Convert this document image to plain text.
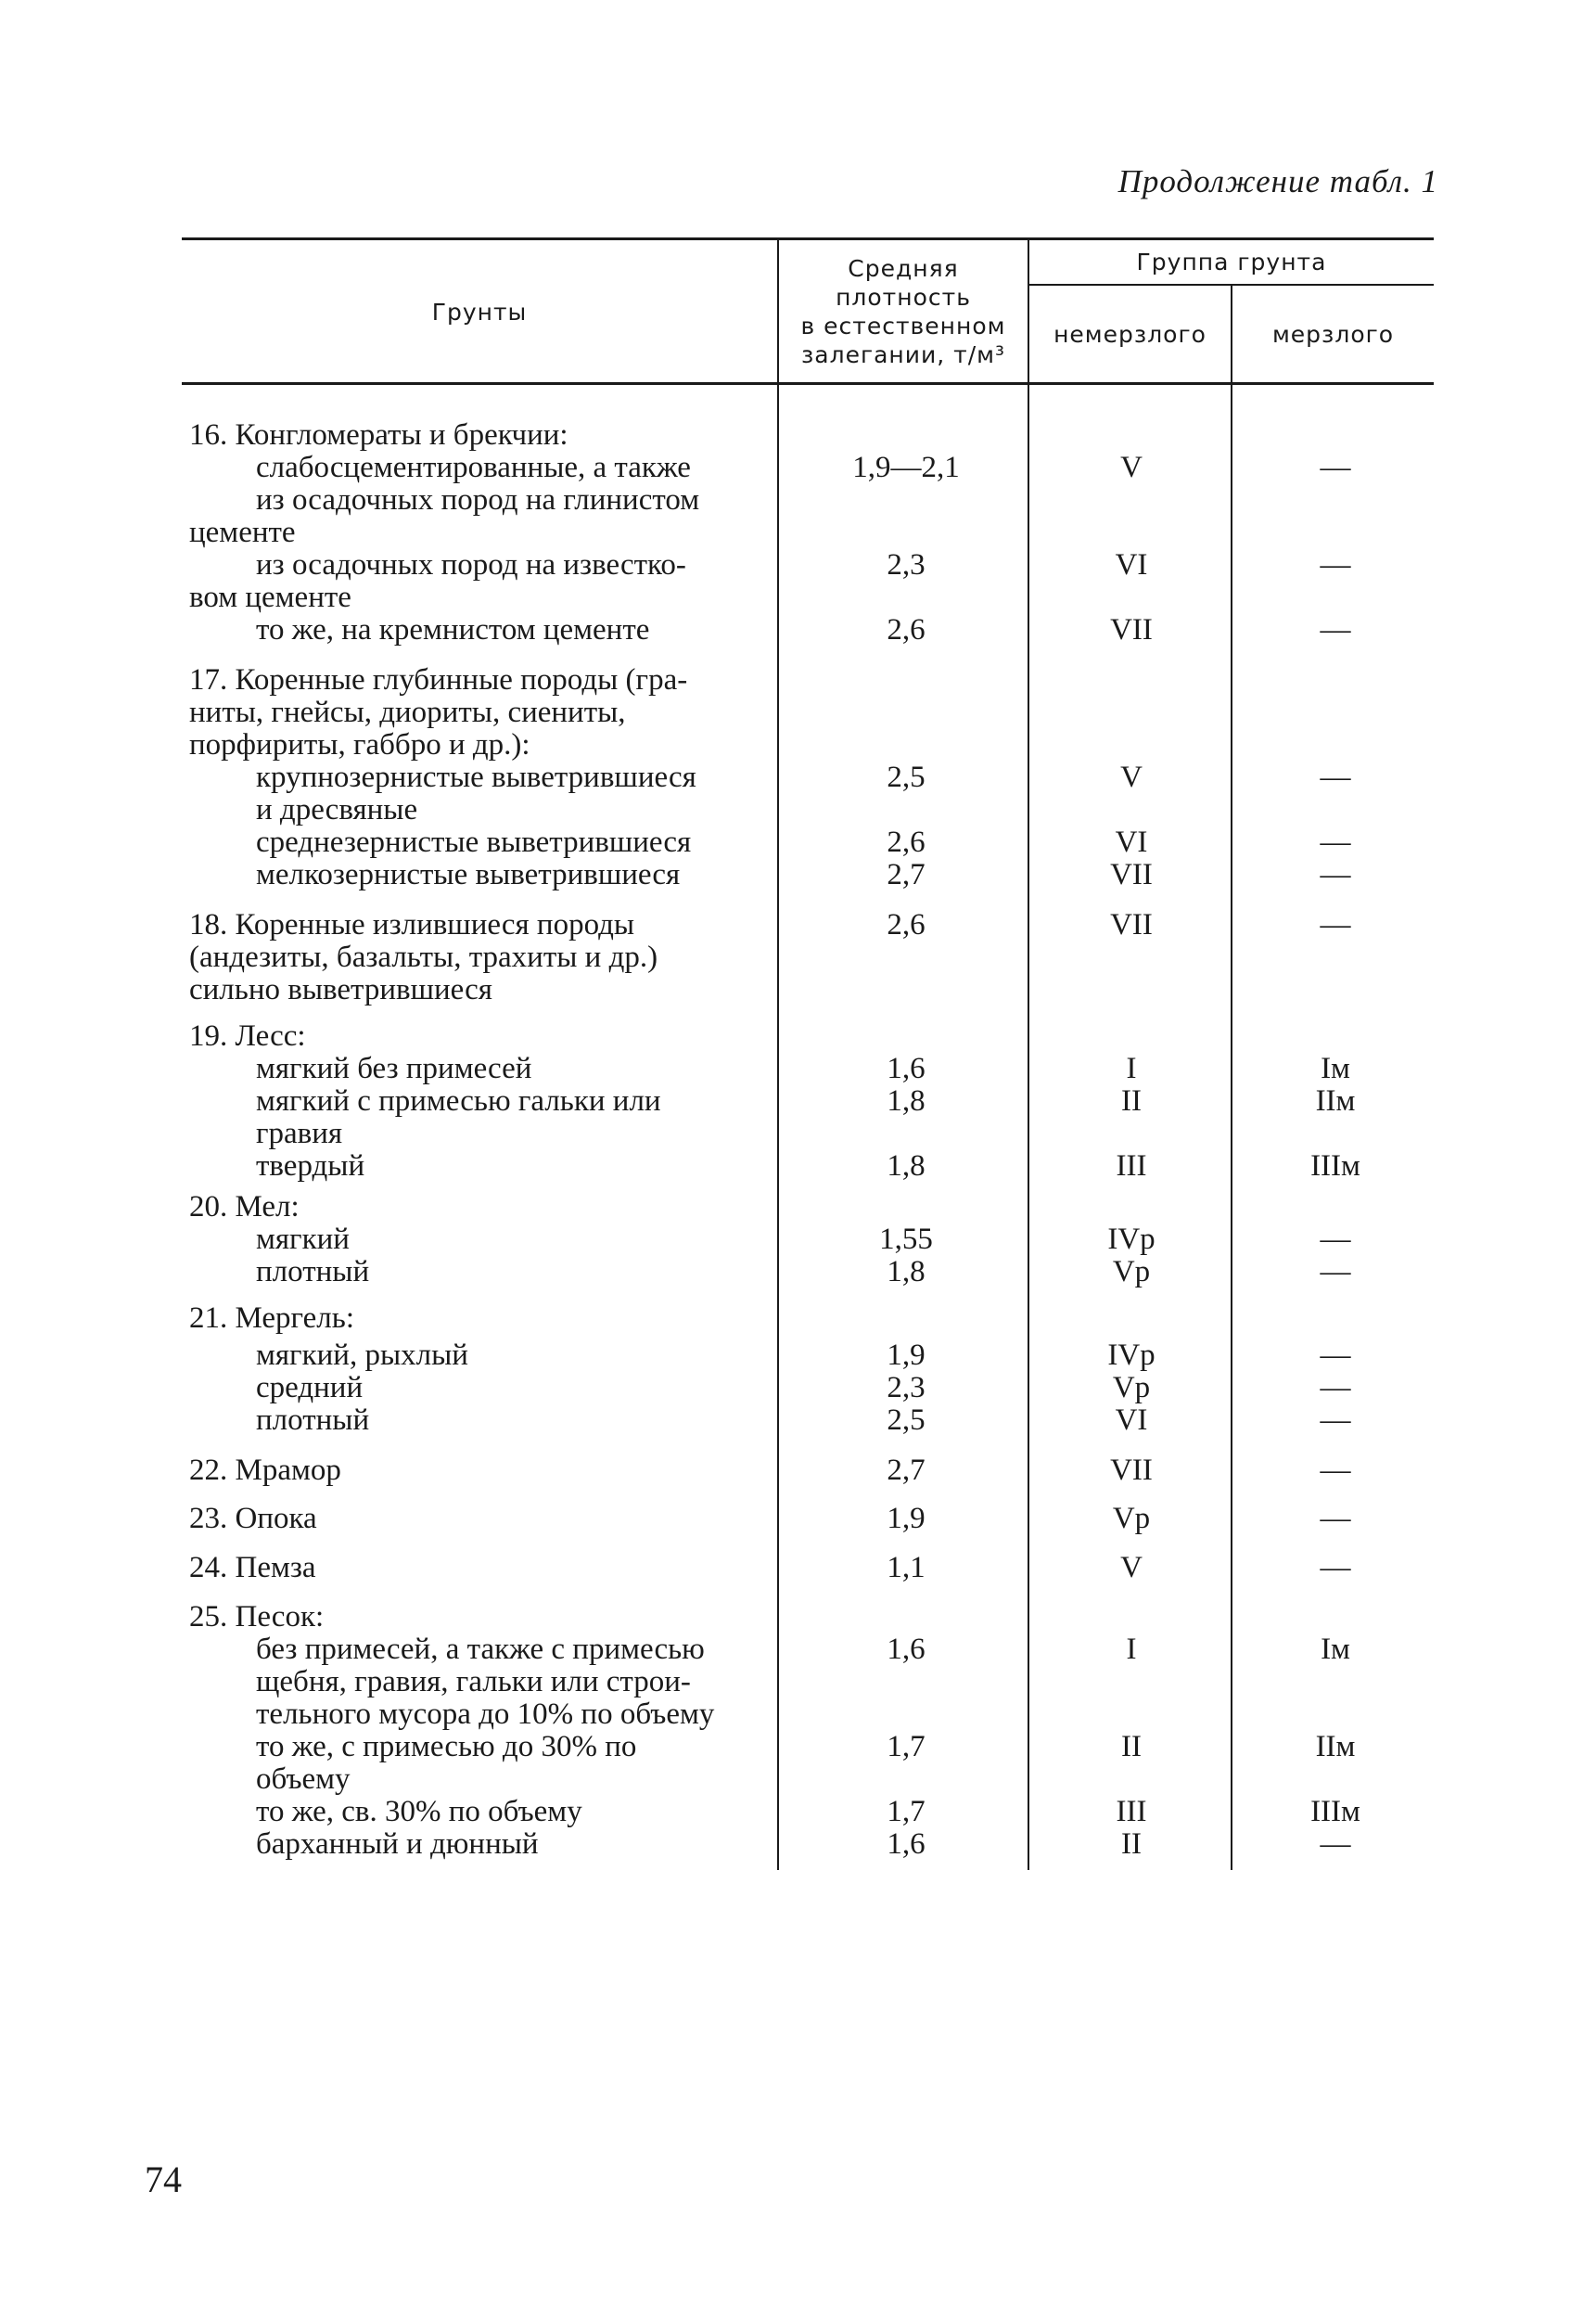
Продолжение табл. 1
Грунты
Средняя
плотность
в естественном
залегании, т/м³
Группа грунта
немерзлого	мерзлого
16. Конгломераты и брекчии:
слабосцементированные, а также
из осадочных пород на глинистом
цементе
1,9—2,1	V	—
из осадочных пород на известко-
вом цементе
2,3	VI	—
то же, на кремнистом цементе	2,6	VII	—
17. Коренные глубинные породы (гра-
ниты, гнейсы, диориты, сиениты,
порфириты, габбро и др.):
крупнозернистые выветрившиеся
и дресвяные
2,5	V	—
среднезернистые выветрившиеся	2,6	VI	—
мелкозернистые выветрившиеся	2,7	VII	—
18. Коренные излившиеся породы
(андезиты, базальты, трахиты и др.)
сильно выветрившиеся
2,6	VII	—
19. Лесс:
мягкий без примесей	1,6	I	Iм
мягкий с примесью гальки или
гравия
1,8	II	IIм
твердый	1,8	III	IIIм
20. Мел:
мягкий	1,55	IVp	—
плотный	1,8	Vp	—
21. Мергель:
мягкий, рыхлый	1,9	IVp	—
средний	2,3	Vp	—
плотный	2,5	VI	—
22. Мрамор	2,7	VII	—
23. Опока	1,9	Vp	—
24. Пемза	1,1	V	—
25. Песок:
без примесей, а также с примесью
щебня, гравия, гальки или строи-
тельного мусора до 10% по объему
1,6	I	Iм
то же, с примесью до 30% по
объему
1,7	II	IIм
то же, св. 30% по объему	1,7	III	IIIм
барханный и дюнный	1,6	II	—
74
